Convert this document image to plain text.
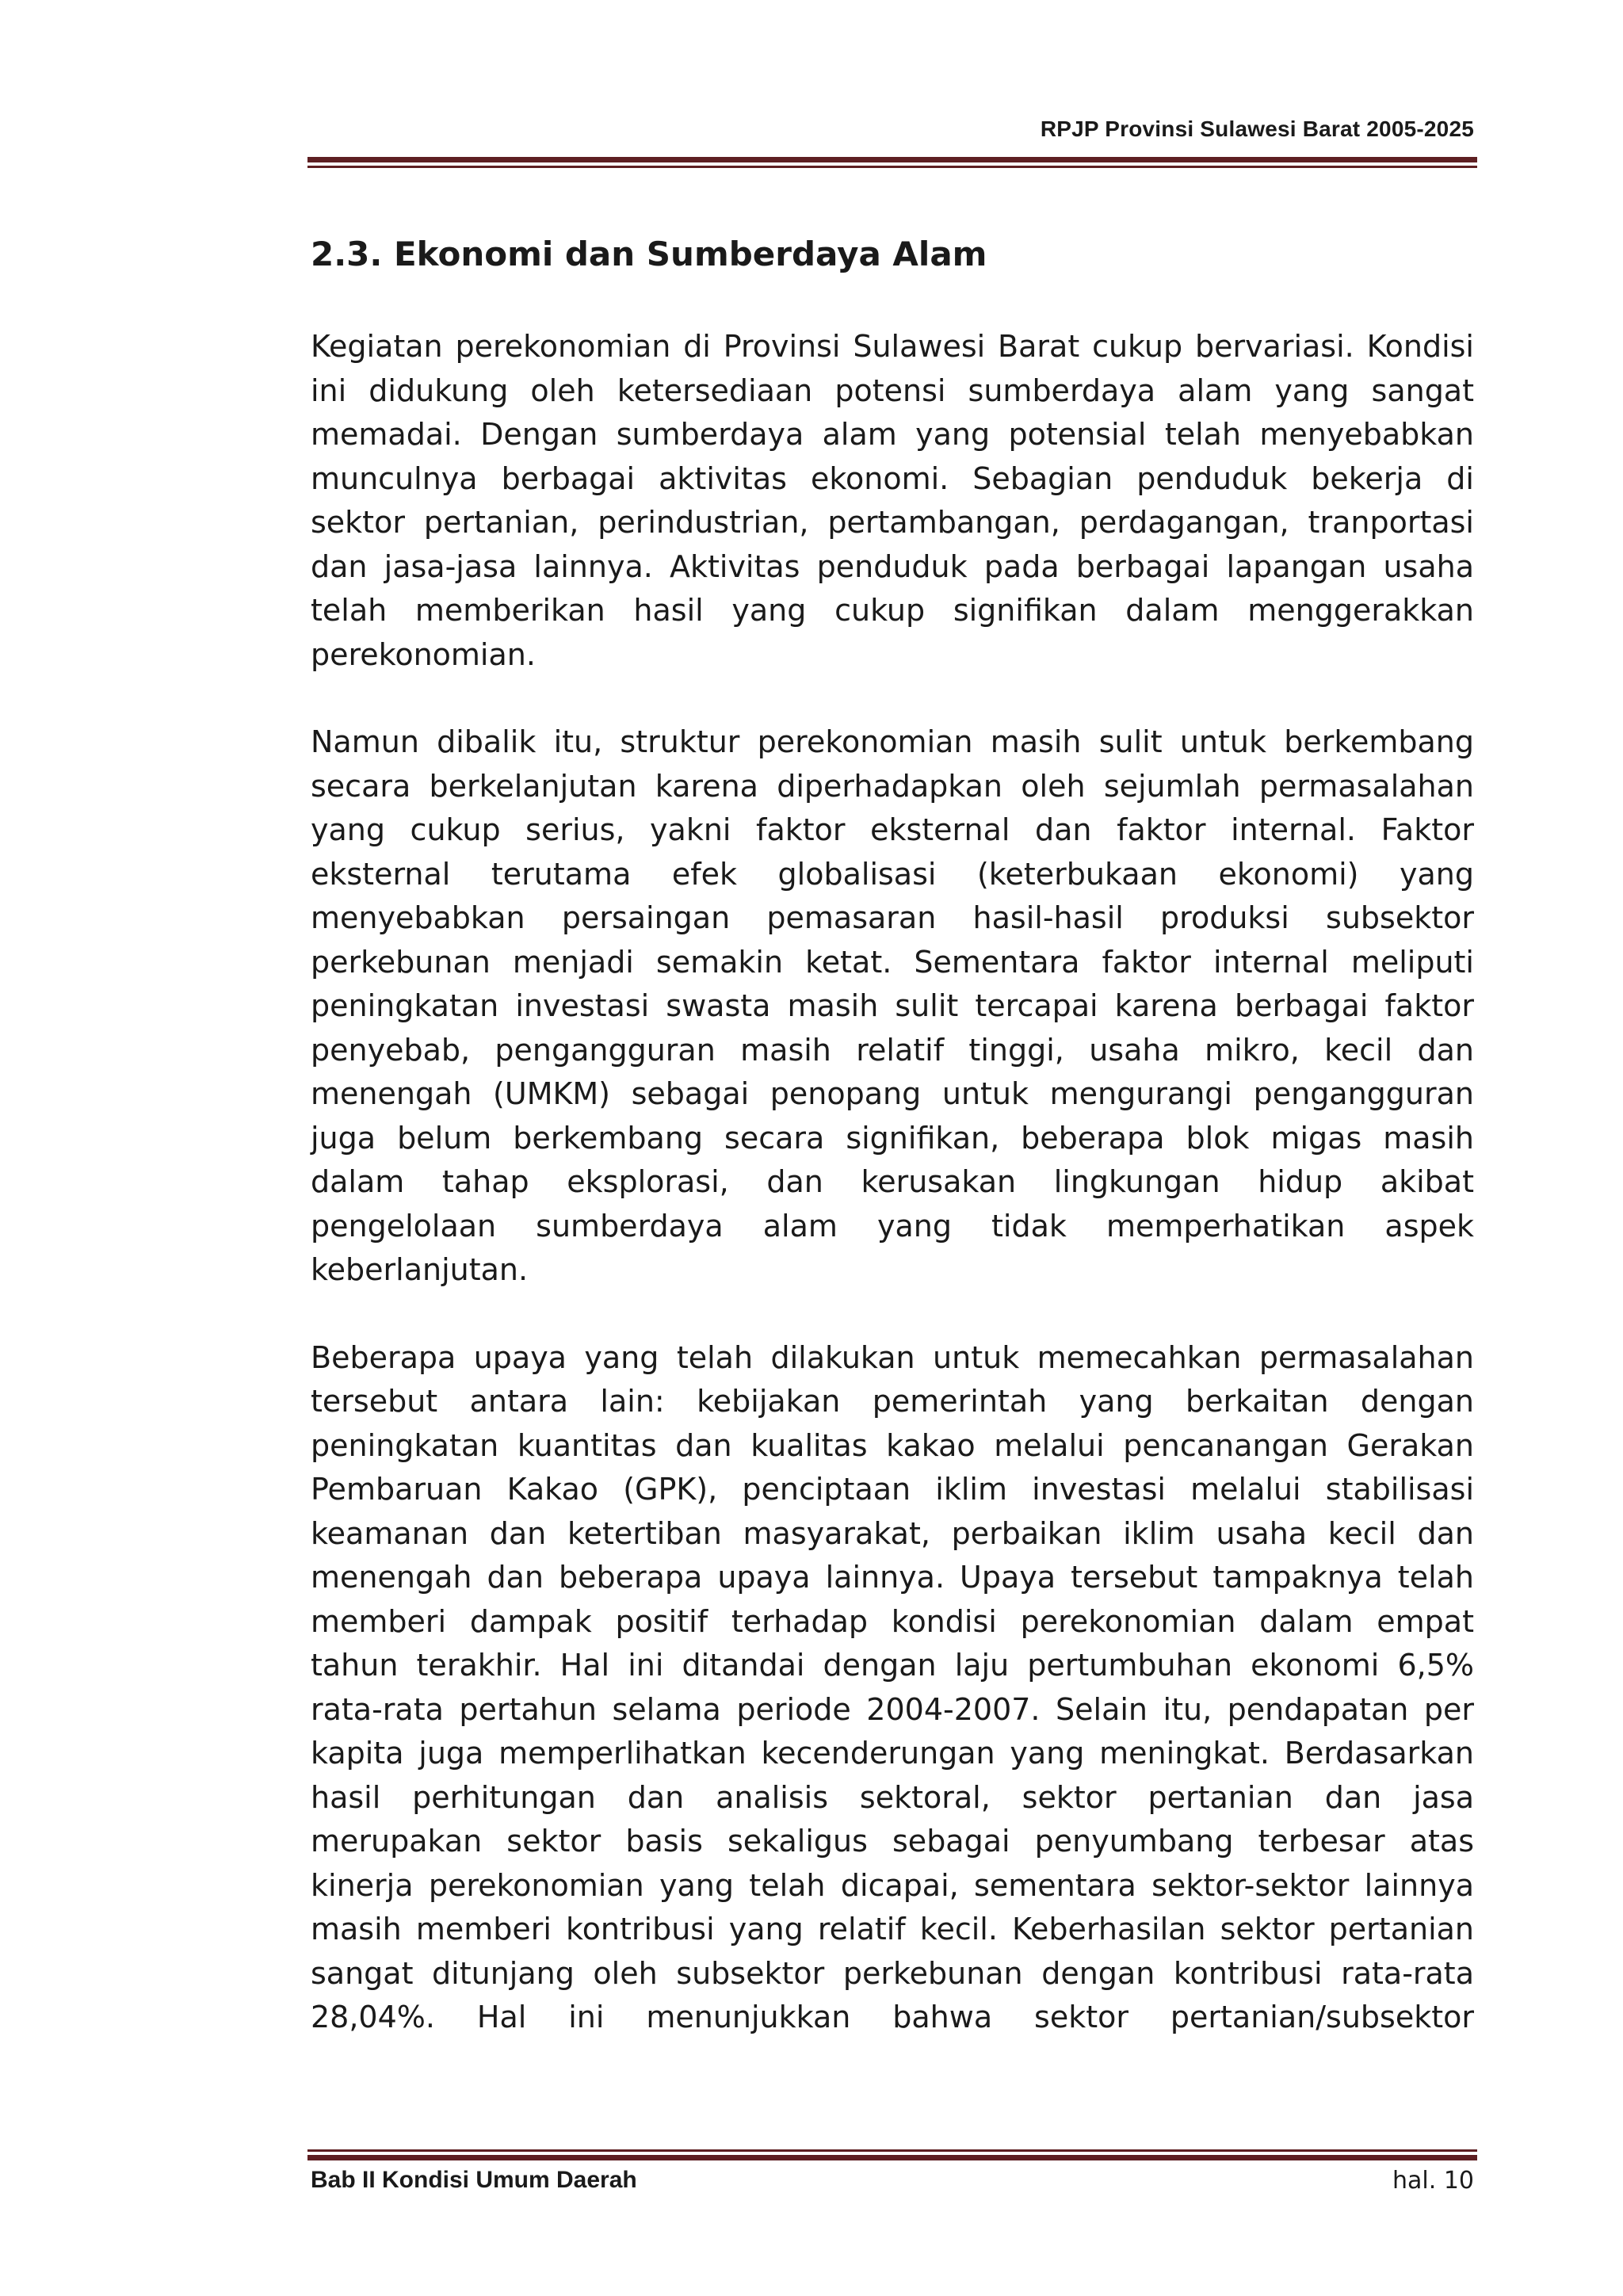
RPJP Provinsi Sulawesi Barat 2005-2025
2.3. Ekonomi dan Sumberdaya Alam

Kegiatan perekonomian di Provinsi Sulawesi Barat cukup bervariasi. Kondisi ini didukung oleh ketersediaan potensi sumberdaya alam yang sangat memadai. Dengan sumberdaya alam yang potensial telah menyebabkan munculnya berbagai aktivitas ekonomi. Sebagian penduduk bekerja di sektor pertanian, perindustrian, pertambangan, perdagangan, tranportasi dan jasa-jasa lainnya. Aktivitas penduduk pada berbagai lapangan usaha telah memberikan hasil yang cukup signifikan dalam menggerakkan perekonomian.

Namun dibalik itu, struktur perekonomian masih sulit untuk berkembang secara berkelanjutan karena diperhadapkan oleh sejumlah permasalahan yang cukup serius, yakni faktor eksternal dan faktor internal. Faktor eksternal terutama efek globalisasi (keterbukaan ekonomi) yang menyebabkan persaingan pemasaran hasil-hasil produksi subsektor perkebunan menjadi semakin ketat. Sementara faktor internal meliputi peningkatan investasi swasta masih sulit tercapai karena berbagai faktor penyebab, pengangguran masih relatif tinggi, usaha mikro, kecil dan menengah (UMKM) sebagai penopang untuk mengurangi pengangguran juga belum berkembang secara signifikan, beberapa blok migas masih dalam tahap eksplorasi, dan kerusakan lingkungan hidup akibat pengelolaan sumberdaya alam yang tidak memperhatikan aspek keberlanjutan.

Beberapa upaya yang telah dilakukan untuk memecahkan permasalahan tersebut antara lain: kebijakan pemerintah yang berkaitan dengan peningkatan kuantitas dan kualitas kakao melalui pencanangan Gerakan Pembaruan Kakao (GPK), penciptaan iklim investasi melalui stabilisasi keamanan dan ketertiban masyarakat, perbaikan iklim usaha kecil dan menengah dan beberapa upaya lainnya. Upaya tersebut tampaknya telah memberi dampak positif terhadap kondisi perekonomian dalam empat tahun terakhir. Hal ini ditandai dengan laju pertumbuhan ekonomi 6,5% rata-rata pertahun selama periode 2004-2007. Selain itu, pendapatan per kapita juga memperlihatkan kecenderungan yang meningkat. Berdasarkan hasil perhitungan dan analisis sektoral, sektor pertanian dan jasa merupakan sektor basis sekaligus sebagai penyumbang terbesar atas kinerja perekonomian yang telah dicapai, sementara sektor-sektor lainnya masih memberi kontribusi yang relatif kecil. Keberhasilan sektor pertanian sangat ditunjang oleh subsektor perkebunan dengan kontribusi rata-rata 28,04%. Hal ini menunjukkan bahwa sektor pertanian/subsektor

Bab II Kondisi Umum Daerah	hal. 10
